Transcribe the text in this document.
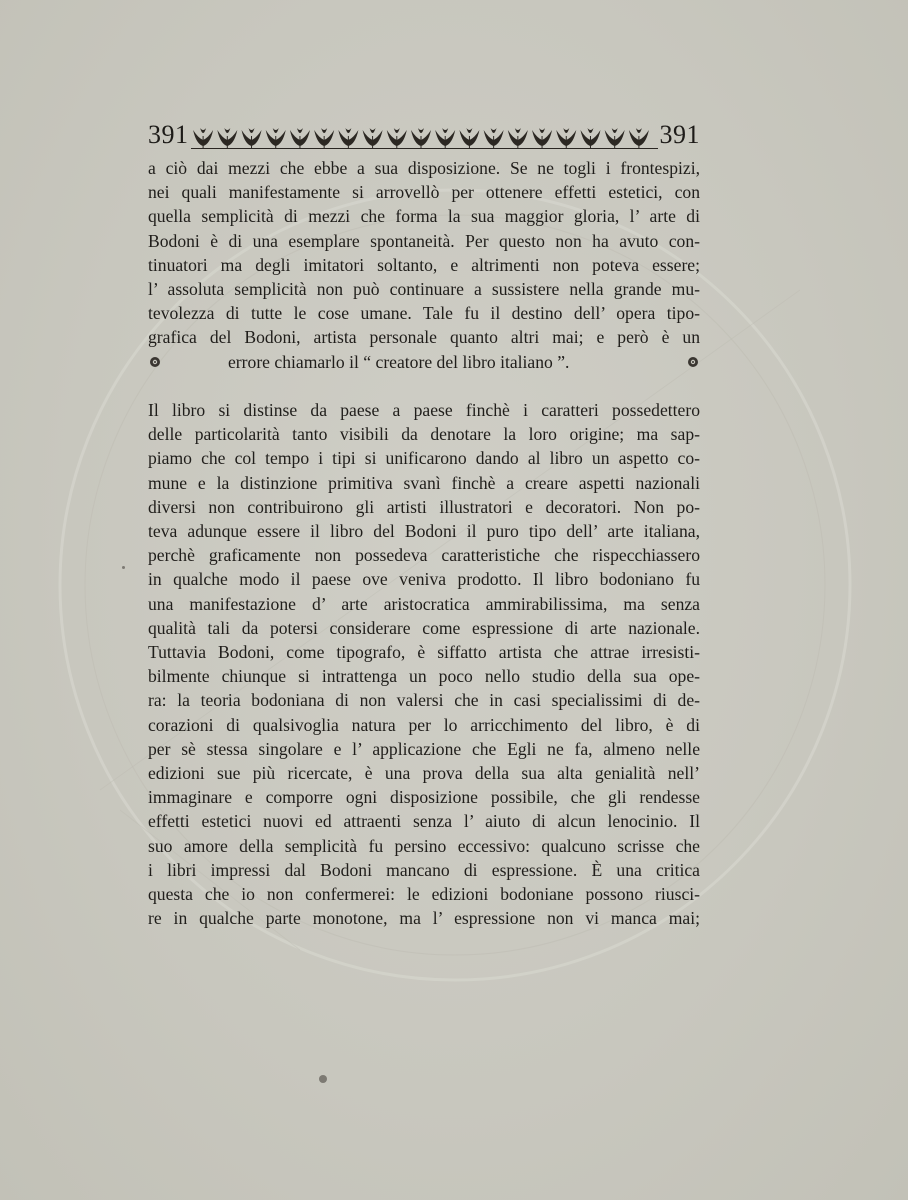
391	391
a ciò dai mezzi che ebbe a sua disposizione. Se ne togli i frontespizi,
nei quali manifestamente si arrovellò per ottenere effetti estetici, con
quella semplicità di mezzi che forma la sua maggior gloria, l’ arte di
Bodoni è di una esemplare spontaneità. Per questo non ha avuto con-
tinuatori ma degli imitatori soltanto, e altrimenti non poteva essere;
l’ assoluta semplicità non può continuare a sussistere nella grande mu-
tevolezza di tutte le cose umane. Tale fu il destino dell’ opera tipo-
grafica del Bodoni, artista personale quanto altri mai; e però è un
errore chiamarlo il “ creatore del libro italiano ”.
Il libro si distinse da paese a paese finchè i caratteri possedettero
delle particolarità tanto visibili da denotare la loro origine; ma sap-
piamo che col tempo i tipi si unificarono dando al libro un aspetto co-
mune e la distinzione primitiva svanì finchè a creare aspetti nazionali
diversi non contribuirono gli artisti illustratori e decoratori. Non po-
teva adunque essere il libro del Bodoni il puro tipo dell’ arte italiana,
perchè graficamente non possedeva caratteristiche che rispecchiassero
in qualche modo il paese ove veniva prodotto. Il libro bodoniano fu
una manifestazione d’ arte aristocratica ammirabilissima, ma senza
qualità tali da potersi considerare come espressione di arte nazionale.
Tuttavia Bodoni, come tipografo, è siffatto artista che attrae irresisti-
bilmente chiunque si intrattenga un poco nello studio della sua ope-
ra: la teoria bodoniana di non valersi che in casi specialissimi di de-
corazioni di qualsivoglia natura per lo arricchimento del libro, è di
per sè stessa singolare e l’ applicazione che Egli ne fa, almeno nelle
edizioni sue più ricercate, è una prova della sua alta genialità nell’
immaginare e comporre ogni disposizione possibile, che gli rendesse
effetti estetici nuovi ed attraenti senza l’ aiuto di alcun lenocinio. Il
suo amore della semplicità fu persino eccessivo: qualcuno scrisse che
i libri impressi dal Bodoni mancano di espressione. È una critica
questa che io non confermerei: le edizioni bodoniane possono riusci-
re in qualche parte monotone, ma l’ espressione non vi manca mai;
